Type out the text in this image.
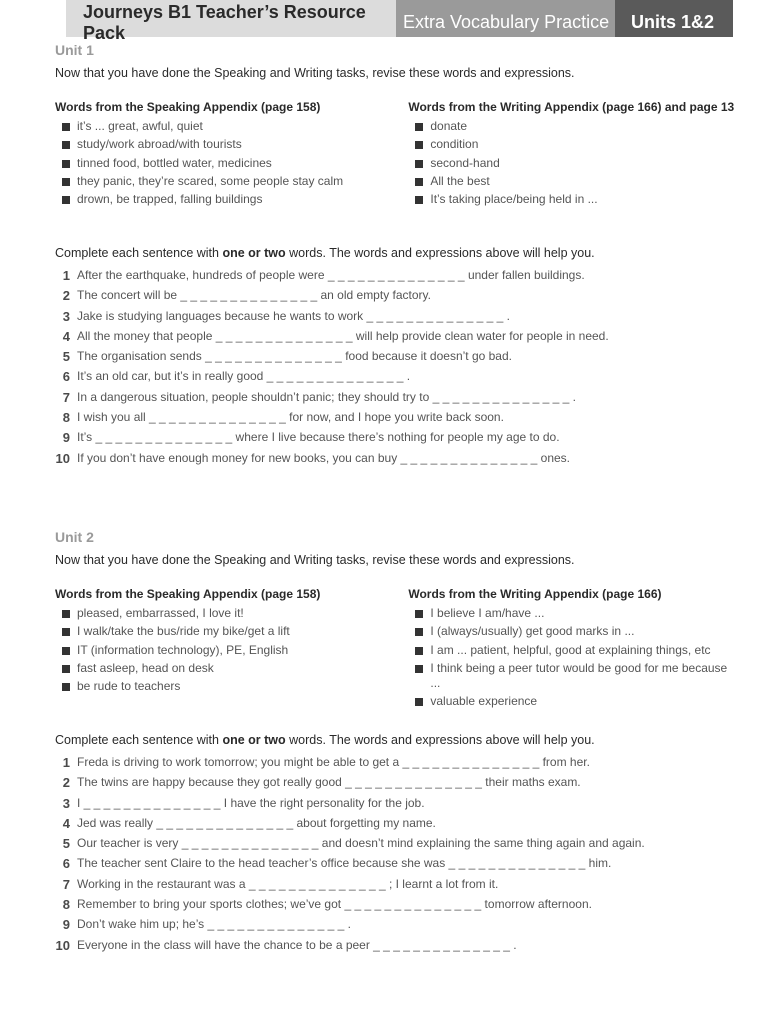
Journeys B1 Teacher’s Resource Pack
Extra Vocabulary Practice	Units 1&2
Unit 1
Now that you have done the Speaking and Writing tasks, revise these words and expressions.
Words from the Speaking Appendix (page 158)
it’s ... great, awful, quiet
study/work abroad/with tourists
tinned food, bottled water, medicines
they panic, they’re scared, some people stay calm
drown, be trapped, falling buildings
Words from the Writing Appendix (page 166) and page 13
donate
condition
second-hand
All the best
It’s taking place/being held in ...
Complete each sentence with one or two words. The words and expressions above will help you.
1 After the earthquake, hundreds of people were _ _ _ _ _ _ _ _ _ _ _ _ _ _ under fallen buildings.
2 The concert will be _ _ _ _ _ _ _ _ _ _ _ _ _ _ an old empty factory.
3 Jake is studying languages because he wants to work _ _ _ _ _ _ _ _ _ _ _ _ _ _ .
4 All the money that people _ _ _ _ _ _ _ _ _ _ _ _ _ _ will help provide clean water for people in need.
5 The organisation sends _ _ _ _ _ _ _ _ _ _ _ _ _ _ food because it doesn’t go bad.
6 It’s an old car, but it’s in really good _ _ _ _ _ _ _ _ _ _ _ _ _ _ .
7 In a dangerous situation, people shouldn’t panic; they should try to _ _ _ _ _ _ _ _ _ _ _ _ _ _ .
8 I wish you all _ _ _ _ _ _ _ _ _ _ _ _ _ _ for now, and I hope you write back soon.
9 It’s _ _ _ _ _ _ _ _ _ _ _ _ _ _ where I live because there’s nothing for people my age to do.
10 If you don’t have enough money for new books, you can buy _ _ _ _ _ _ _ _ _ _ _ _ _ _ ones.
Unit 2
Now that you have done the Speaking and Writing tasks, revise these words and expressions.
Words from the Speaking Appendix (page 158)
pleased, embarrassed, I love it!
I walk/take the bus/ride my bike/get a lift
IT (information technology), PE, English
fast asleep, head on desk
be rude to teachers
Words from the Writing Appendix (page 166)
I believe I am/have ...
I (always/usually) get good marks in ...
I am ... patient, helpful, good at explaining things, etc
I think being a peer tutor would be good for me because ...
valuable experience
Complete each sentence with one or two words. The words and expressions above will help you.
1 Freda is driving to work tomorrow; you might be able to get a _ _ _ _ _ _ _ _ _ _ _ _ _ _ from her.
2 The twins are happy because they got really good _ _ _ _ _ _ _ _ _ _ _ _ _ _ their maths exam.
3 I _ _ _ _ _ _ _ _ _ _ _ _ _ _ I have the right personality for the job.
4 Jed was really _ _ _ _ _ _ _ _ _ _ _ _ _ _ about forgetting my name.
5 Our teacher is very _ _ _ _ _ _ _ _ _ _ _ _ _ _ and doesn’t mind explaining the same thing again and again.
6 The teacher sent Claire to the head teacher’s office because she was _ _ _ _ _ _ _ _ _ _ _ _ _ _ him.
7 Working in the restaurant was a _ _ _ _ _ _ _ _ _ _ _ _ _ _ ; I learnt a lot from it.
8 Remember to bring your sports clothes; we’ve got _ _ _ _ _ _ _ _ _ _ _ _ _ _ tomorrow afternoon.
9 Don’t wake him up; he’s _ _ _ _ _ _ _ _ _ _ _ _ _ _ .
10 Everyone in the class will have the chance to be a peer _ _ _ _ _ _ _ _ _ _ _ _ _ _ .
